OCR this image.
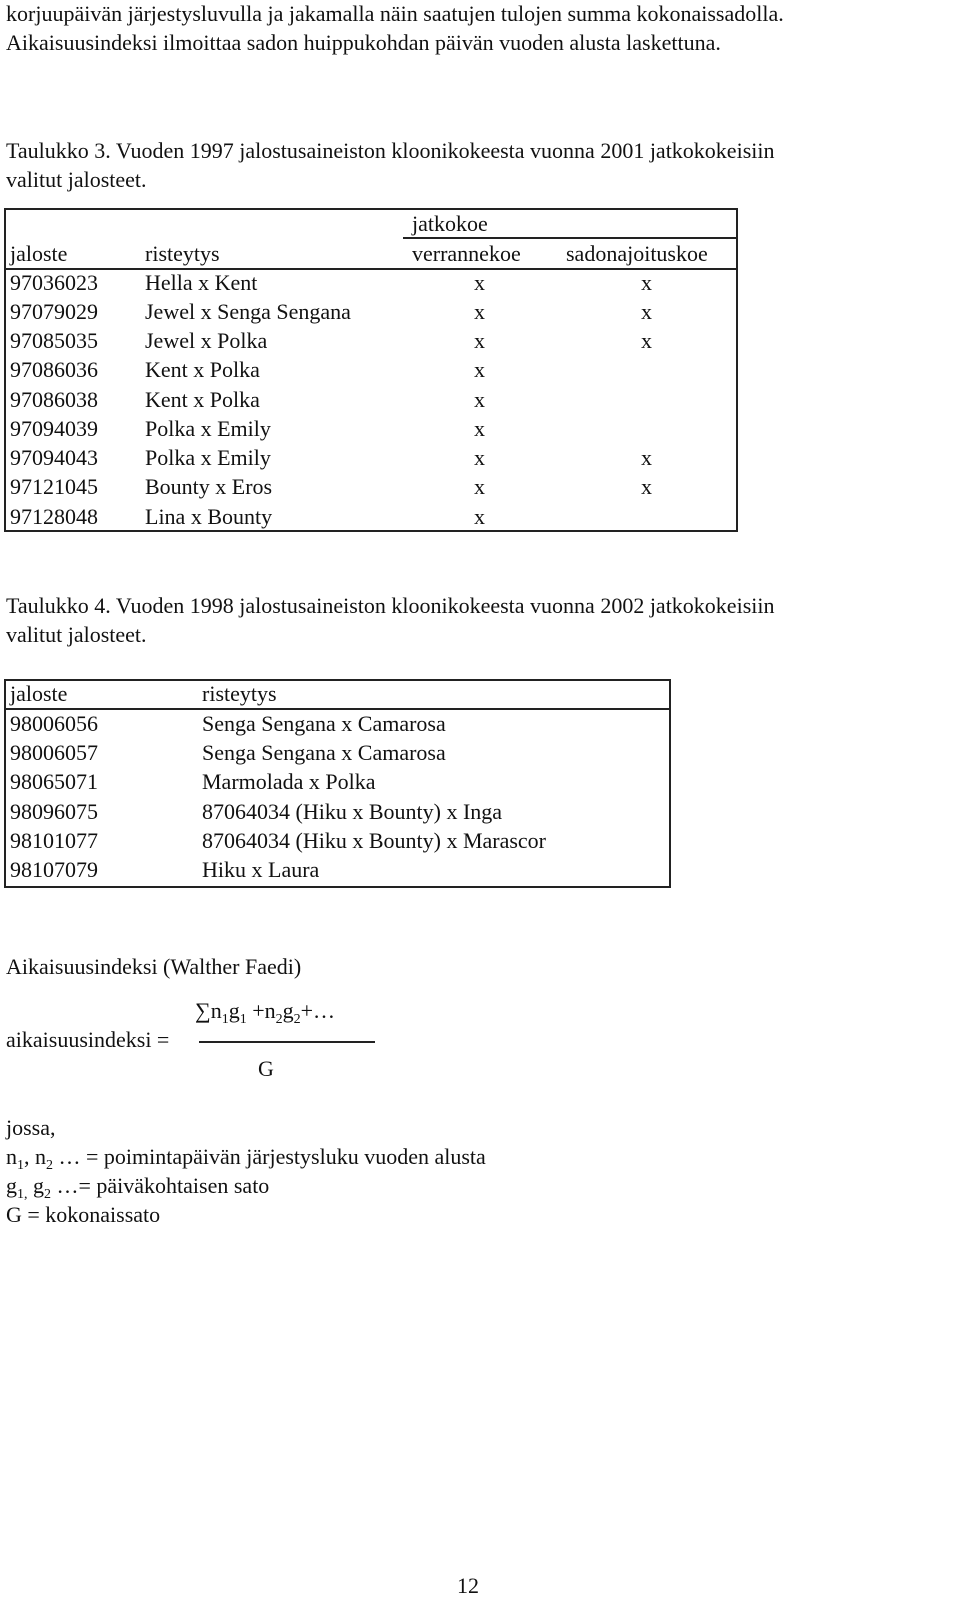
korjuupäivän järjestysluvulla ja jakamalla näin saatujen tulojen summa kokonaissadolla.
Aikaisuusindeksi ilmoittaa sadon huippukohdan päivän vuoden alusta laskettuna.
Taulukko 3. Vuoden 1997 jalostusaineiston kloonikokeesta vuonna 2001 jatkokokeisiin
valitut jalosteet.
jatkokoe
jaloste	risteytys	verrannekoe sadonajoituskoe
97036023 Hella x Kent	x	x
97079029 Jewel x Senga Sengana	x	x
97085035 Jewel x Polka	x	x
97086036 Kent x Polka	x
97086038 Kent x Polka	x
97094039 Polka x Emily	x
97094043 Polka x Emily	x	x
97121045 Bounty x Eros	x	x
97128048 Lina x Bounty	x
Taulukko 4. Vuoden 1998 jalostusaineiston kloonikokeesta vuonna 2002 jatkokokeisiin
valitut jalosteet.
jaloste	risteytys
98006056	Senga Sengana x Camarosa
98006057	Senga Sengana x Camarosa
98065071	Marmolada x Polka
98096075	87064034 (Hiku x Bounty) x Inga
98101077	87064034 (Hiku x Bounty) x Marascor
98107079	Hiku x Laura
Aikaisuusindeksi (Walther Faedi)
$\sum n_1g_1$ $+n_2g_2+\dots$
aikaisuusindeksi =
G
jossa,
$n_1$, $n_2$ … = poimintapäivän järjestysluku vuoden alusta
$g_{1,}$ $g_2$ …= päiväkohtaisen sato
G = kokonaissato
12
